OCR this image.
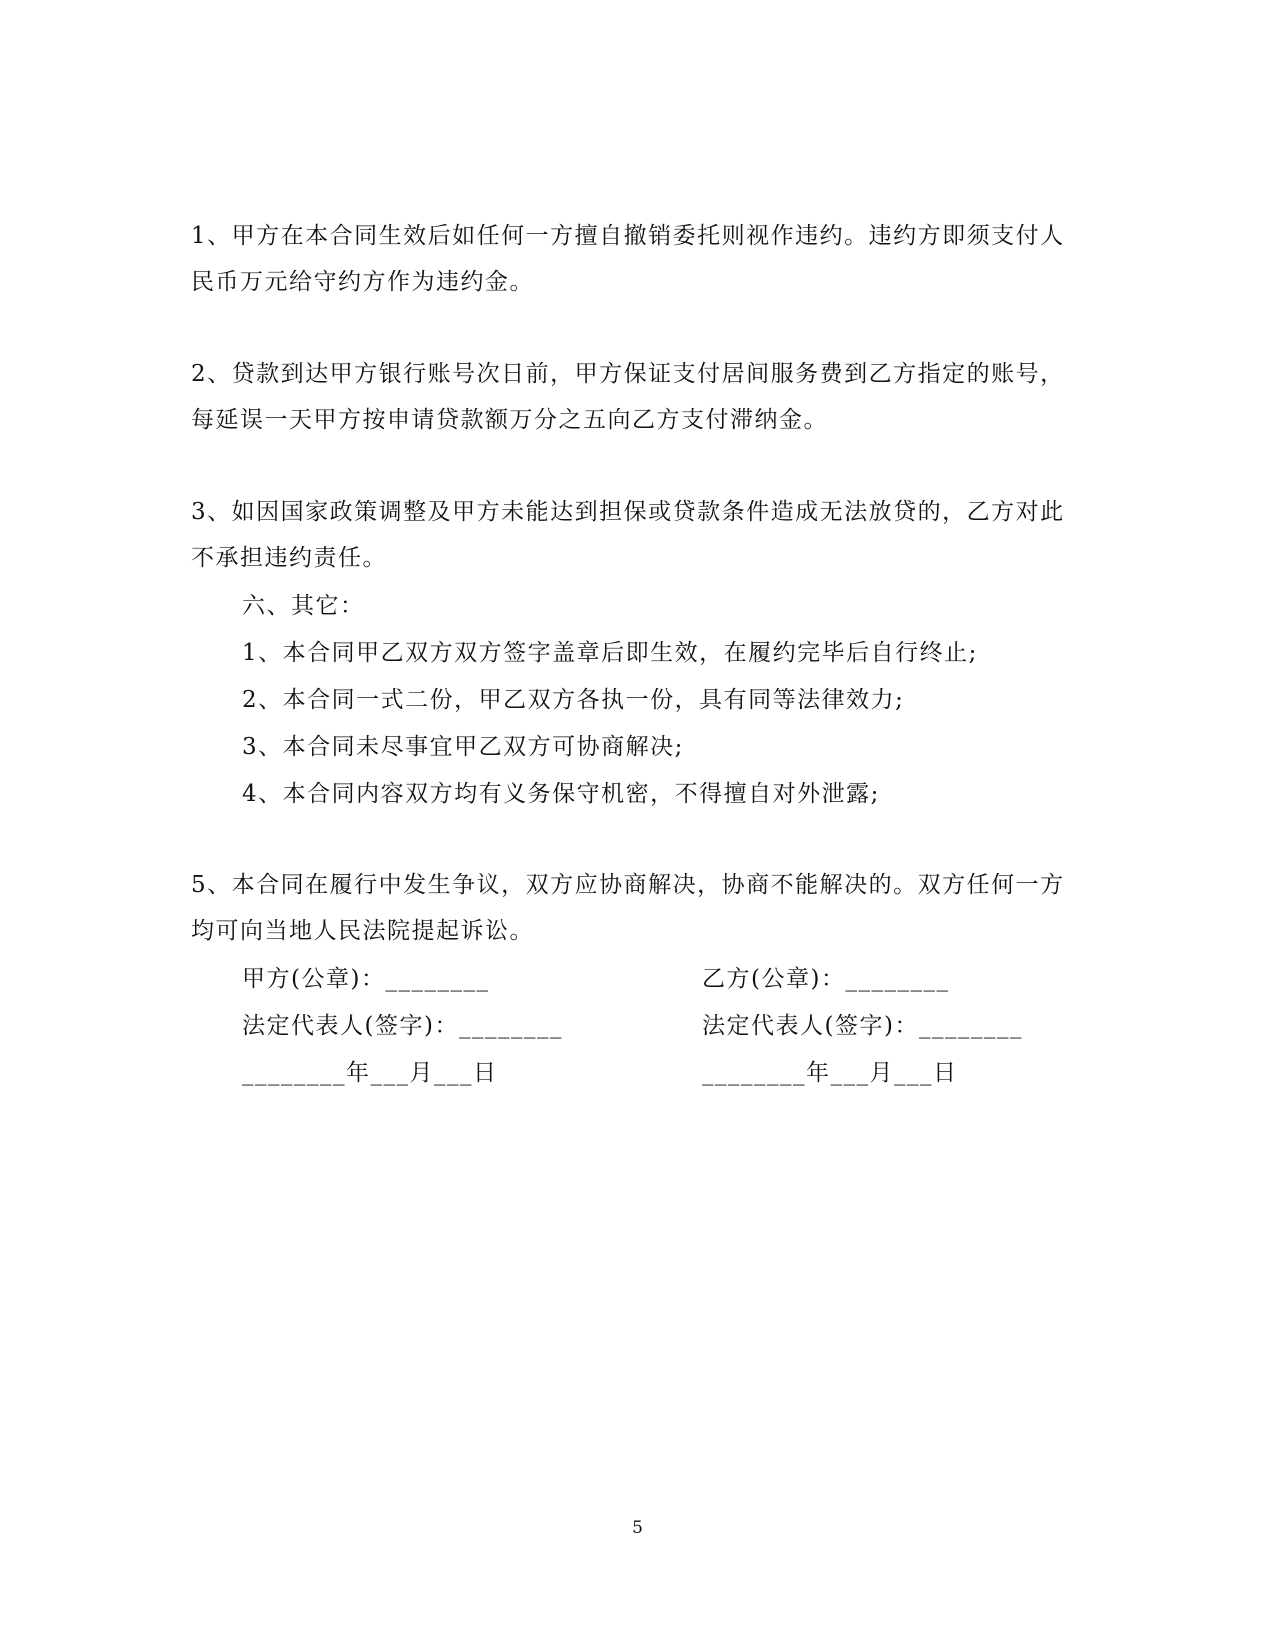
1、甲方在本合同生效后如任何一方擅自撤销委托则视作违约。违约方即须支付人民币万元给守约方作为违约金。

2、贷款到达甲方银行账号次日前，甲方保证支付居间服务费到乙方指定的账号，每延误一天甲方按申请贷款额万分之五向乙方支付滞纳金。

3、如因国家政策调整及甲方未能达到担保或贷款条件造成无法放贷的，乙方对此不承担违约责任。

六、其它：

1、本合同甲乙双方双方签字盖章后即生效，在履约完毕后自行终止;

2、本合同一式二份，甲乙双方各执一份，具有同等法律效力;

3、本合同未尽事宜甲乙双方可协商解决;

4、本合同内容双方均有义务保守机密，不得擅自对外泄露;

5、本合同在履行中发生争议，双方应协商解决，协商不能解决的。双方任何一方均可向当地人民法院提起诉讼。

甲方(公章)：________	乙方(公章)：________

法定代表人(签字)：________	法定代表人(签字)：________

________年___月___日	________年___月___日

5
